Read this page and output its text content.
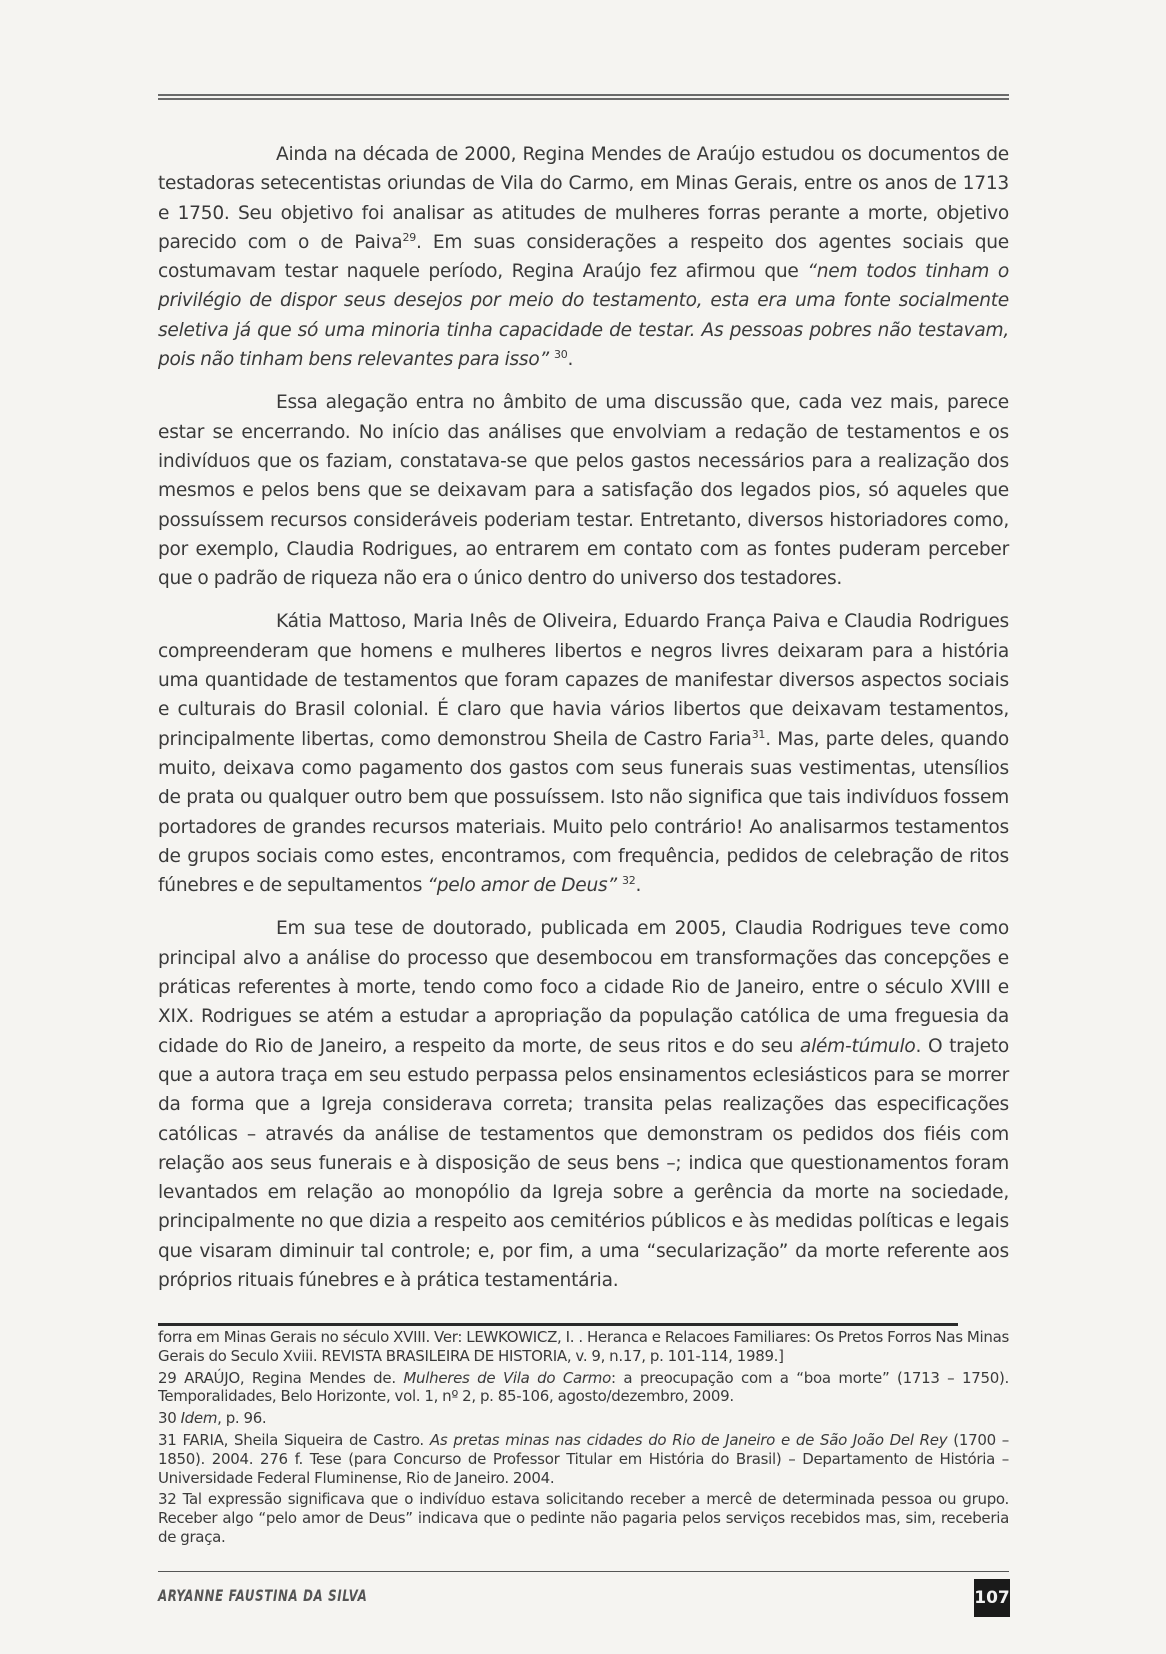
Ainda na década de 2000, Regina Mendes de Araújo estudou os documentos de testadoras setecentistas oriundas de Vila do Carmo, em Minas Gerais, entre os anos de 1713 e 1750. Seu objetivo foi analisar as atitudes de mulheres forras perante a morte, objetivo parecido com o de Paiva$^{29}$. Em suas considerações a respeito dos agentes sociais que costumavam testar naquele período, Regina Araújo fez afirmou que “nem todos tinham o privilégio de dispor seus desejos por meio do testamento, esta era uma fonte socialmente seletiva já que só uma minoria tinha capacidade de testar. As pessoas pobres não testavam, pois não tinham bens relevantes para isso” $^{30}$.

Essa alegação entra no âmbito de uma discussão que, cada vez mais, parece estar se encerrando. No início das análises que envolviam a redação de testamentos e os indivíduos que os faziam, constatava-se que pelos gastos necessários para a realização dos mesmos e pelos bens que se deixavam para a satisfação dos legados pios, só aqueles que possuíssem recursos consideráveis poderiam testar. Entretanto, diversos historiadores como, por exemplo, Claudia Rodrigues, ao entrarem em contato com as fontes puderam perceber que o padrão de riqueza não era o único dentro do universo dos testadores.

Kátia Mattoso, Maria Inês de Oliveira, Eduardo França Paiva e Claudia Rodrigues compreenderam que homens e mulheres libertos e negros livres deixaram para a história uma quantidade de testamentos que foram capazes de manifestar diversos aspectos sociais e culturais do Brasil colonial. É claro que havia vários libertos que deixavam testamentos, principalmente libertas, como demonstrou Sheila de Castro Faria$^{31}$. Mas, parte deles, quando muito, deixava como pagamento dos gastos com seus funerais suas vestimentas, utensílios de prata ou qualquer outro bem que possuíssem. Isto não significa que tais indivíduos fossem portadores de grandes recursos materiais. Muito pelo contrário! Ao analisarmos testamentos de grupos sociais como estes, encontramos, com frequência, pedidos de celebração de ritos fúnebres e de sepultamentos “pelo amor de Deus” $^{32}$.

Em sua tese de doutorado, publicada em 2005, Claudia Rodrigues teve como principal alvo a análise do processo que desembocou em transformações das concepções e práticas referentes à morte, tendo como foco a cidade Rio de Janeiro, entre o século XVIII e XIX. Rodrigues se atém a estudar a apropriação da população católica de uma freguesia da cidade do Rio de Janeiro, a respeito da morte, de seus ritos e do seu além-túmulo. O trajeto que a autora traça em seu estudo perpassa pelos ensinamentos eclesiásticos para se morrer da forma que a Igreja considerava correta; transita pelas realizações das especificações católicas – através da análise de testamentos que demonstram os pedidos dos fiéis com relação aos seus funerais e à disposição de seus bens –; indica que questionamentos foram levantados em relação ao monopólio da Igreja sobre a gerência da morte na sociedade, principalmente no que dizia a respeito aos cemitérios públicos e às medidas políticas e legais que visaram diminuir tal controle; e, por fim, a uma “secularização” da morte referente aos próprios rituais fúnebres e à prática testamentária.

forra em Minas Gerais no século XVIII. Ver: LEWKOWICZ, I. . Heranca e Relacoes Familiares: Os Pretos Forros Nas Minas Gerais do Seculo Xviii. REVISTA BRASILEIRA DE HISTORIA, v. 9, n.17, p. 101-114, 1989.]

29 ARAÚJO, Regina Mendes de. Mulheres de Vila do Carmo: a preocupação com a “boa morte” (1713 – 1750). Temporalidades, Belo Horizonte, vol. 1, nº 2, p. 85-106, agosto/dezembro, 2009.

30 Idem, p. 96.

31 FARIA, Sheila Siqueira de Castro. As pretas minas nas cidades do Rio de Janeiro e de São João Del Rey (1700 – 1850). 2004. 276 f. Tese (para Concurso de Professor Titular em História do Brasil) – Departamento de História – Universidade Federal Fluminense, Rio de Janeiro. 2004.

32 Tal expressão significava que o indivíduo estava solicitando receber a mercê de determinada pessoa ou grupo. Receber algo “pelo amor de Deus” indicava que o pedinte não pagaria pelos serviços recebidos mas, sim, receberia de graça.

ARYANNE FAUSTINA DA SILVA	107
